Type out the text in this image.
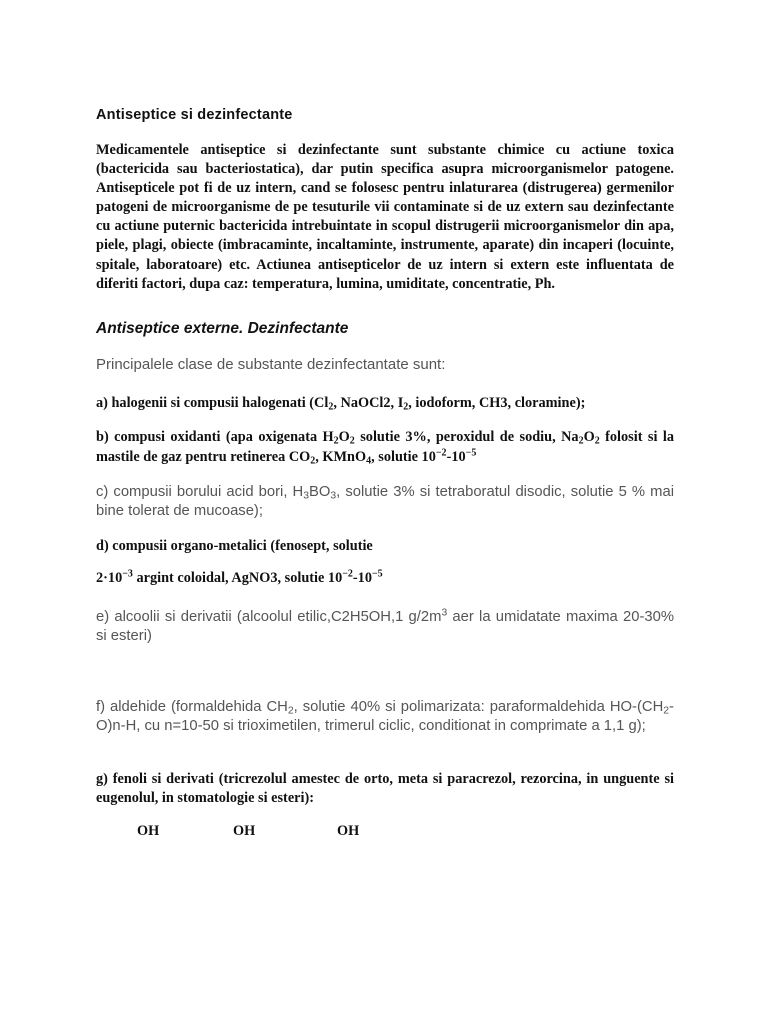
Antiseptice si dezinfectante

Medicamentele antiseptice si dezinfectante sunt substante chimice cu actiune toxica (bactericida sau bacteriostatica), dar putin specifica asupra microorganismelor patogene. Antisepticele pot fi de uz intern, cand se folosesc pentru inlaturarea (distrugerea) germenilor patogeni de microorganisme de pe tesuturile vii contaminate si de uz extern sau dezinfectante cu actiune puternic bactericida intrebuintate in scopul distrugerii microorganismelor din apa, piele, plagi, obiecte (imbracaminte, incaltaminte, instrumente, aparate) din incaperi (locuinte, spitale, laboratoare) etc. Actiunea antisepticelor de uz intern si extern este influentata de diferiti factori, dupa caz: temperatura, lumina, umiditate, concentratie, Ph.

Antiseptice externe. Dezinfectante

Principalele clase de substante dezinfectantate sunt:

a) halogenii si compusii halogenati ($Cl_2$, NaOCl2, $I_2$, iodoform, CH3, cloramine);

b) compusi oxidanti (apa oxigenata $H_2O_2$ solutie 3%, peroxidul de sodiu, $Na_2O_2$ folosit si la mastile de gaz pentru retinerea $CO_2$, KMnO$_4$, solutie $10^{-2}-10^{-5}$

c) compusii borului acid bori, $H_3BO_3$, solutie 3% si tetraboratul disodic, solutie 5 % mai bine tolerat de mucoase);

d) compusii organo-metalici (fenosept, solutie

$2\cdot 10^{-3}$ argint coloidal, AgNO3, solutie $10^{-2}-10^{-5}$

e) alcoolii si derivatii (alcoolul etilic,C2H5OH,1 $g/2m^3$ aer la umidatate maxima 20-30% si esteri)

f) aldehide (formaldehida $CH_2$, solutie 40% si polimarizata: paraformaldehida $HO-(CH_2-O)n-H$, cu n=10-50 si trioximetilen, trimerul ciclic, conditionat in comprimate a 1,1 g);

g) fenoli si derivati (tricrezolul amestec de orto, meta si paracrezol, rezorcina, in unguente si eugenolul, in stomatologie si esteri):

OH	OH	OH
